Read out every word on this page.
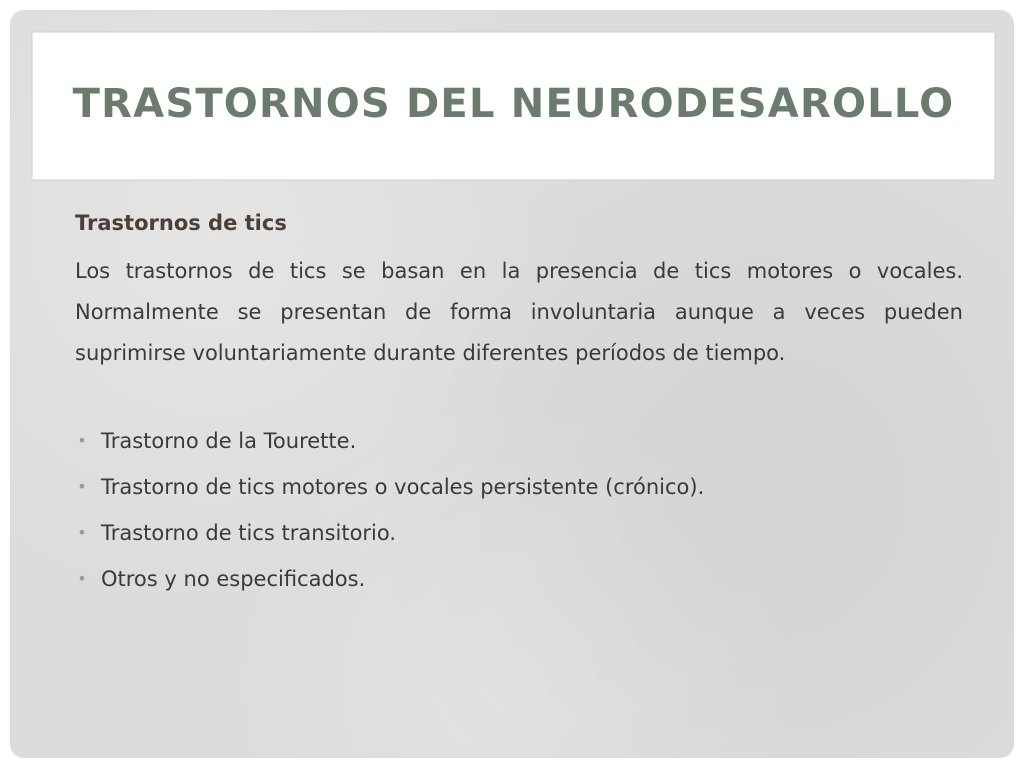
TRASTORNOS DEL NEURODESAROLLO

Trastornos de tics

Los trastornos de tics se basan en la presencia de tics motores o vocales. Normalmente se presentan de forma involuntaria aunque a veces pueden suprimirse voluntariamente durante diferentes períodos de tiempo.

• Trastorno de la Tourette.
• Trastorno de tics motores o vocales persistente (crónico).
• Trastorno de tics transitorio.
• Otros y no especificados.
